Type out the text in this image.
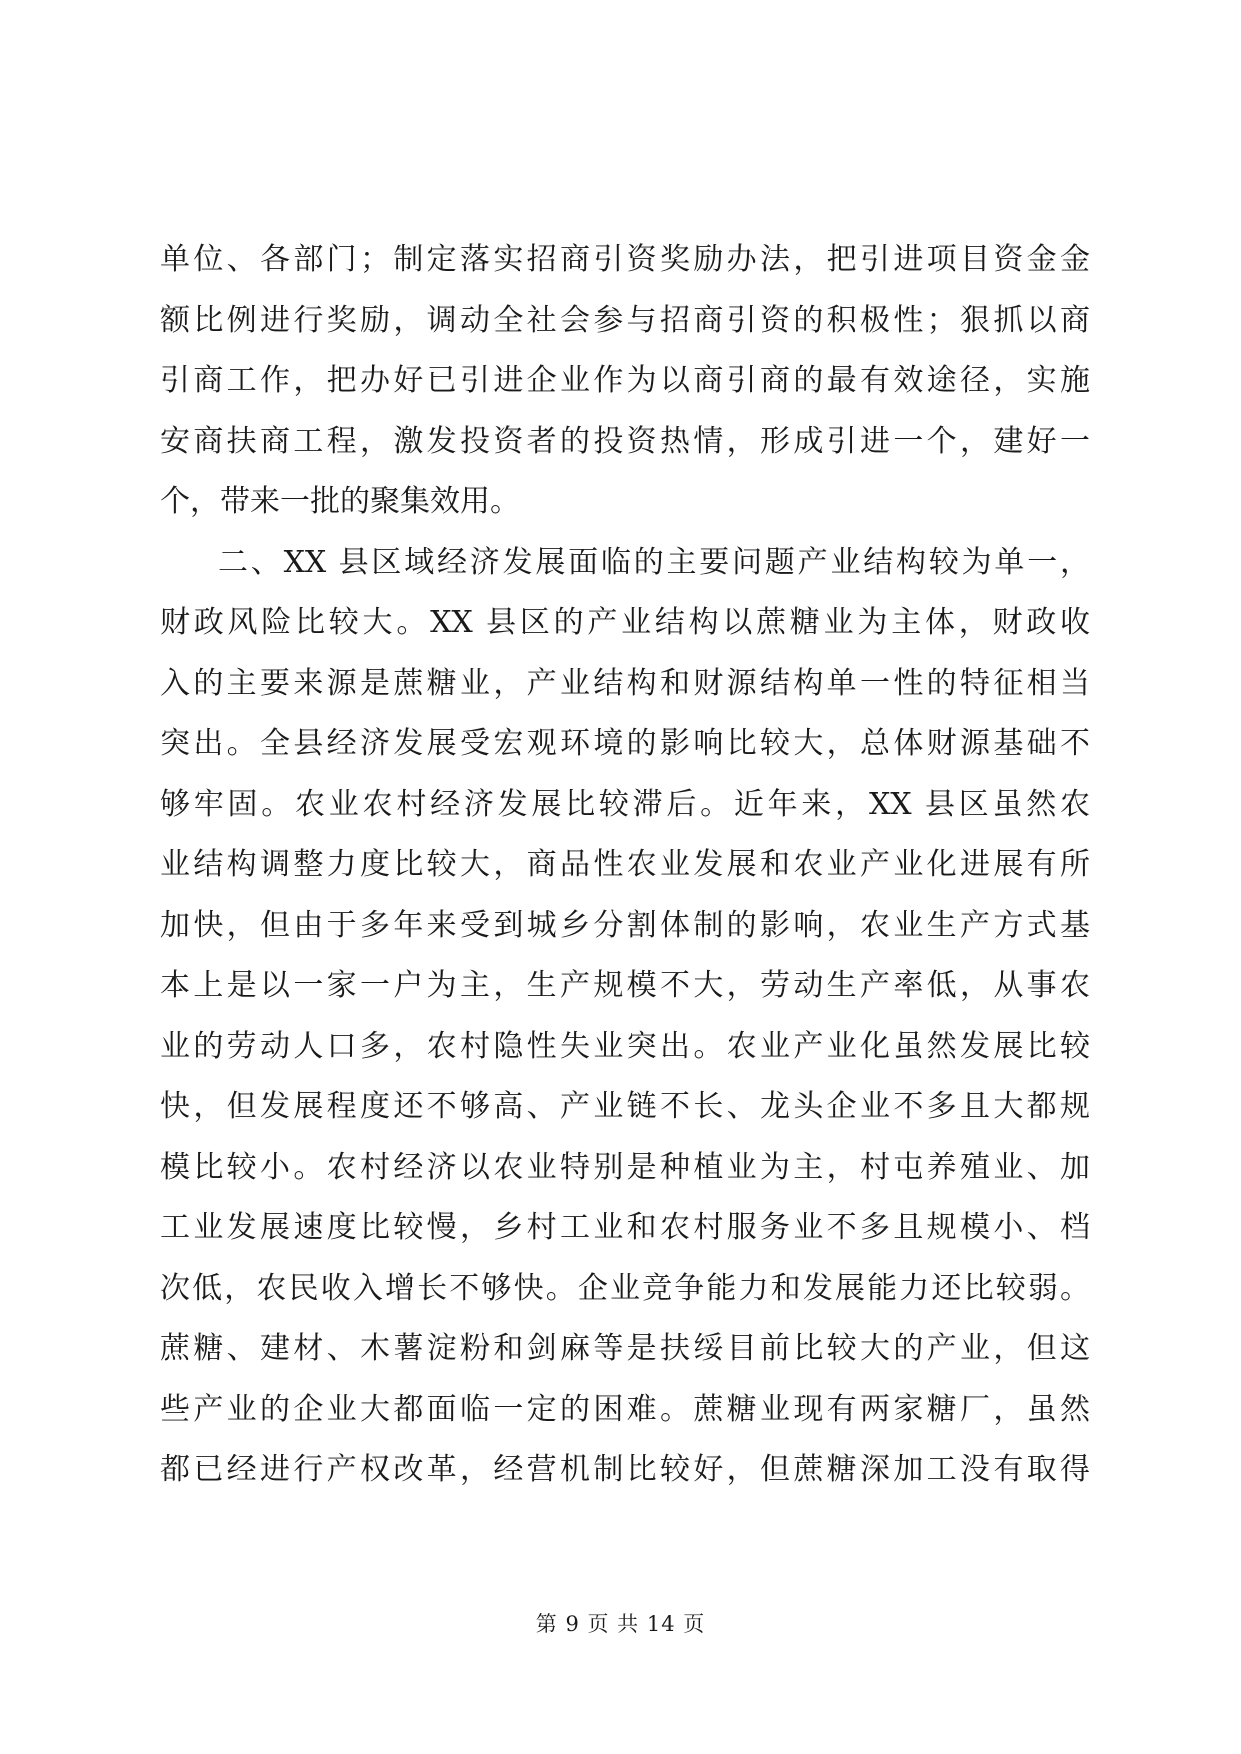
单位、各部门；制定落实招商引资奖励办法，把引进项目资金金
额比例进行奖励，调动全社会参与招商引资的积极性；狠抓以商
引商工作，把办好已引进企业作为以商引商的最有效途径，实施
安商扶商工程，激发投资者的投资热情，形成引进一个，建好一
个，带来一批的聚集效用。
二、XX 县区域经济发展面临的主要问题产业结构较为单一，
财政风险比较大。XX 县区的产业结构以蔗糖业为主体，财政收
入的主要来源是蔗糖业，产业结构和财源结构单一性的特征相当
突出。全县经济发展受宏观环境的影响比较大，总体财源基础不
够牢固。农业农村经济发展比较滞后。近年来，XX 县区虽然农
业结构调整力度比较大，商品性农业发展和农业产业化进展有所
加快，但由于多年来受到城乡分割体制的影响，农业生产方式基
本上是以一家一户为主，生产规模不大，劳动生产率低，从事农
业的劳动人口多，农村隐性失业突出。农业产业化虽然发展比较
快，但发展程度还不够高、产业链不长、龙头企业不多且大都规
模比较小。农村经济以农业特别是种植业为主，村屯养殖业、加
工业发展速度比较慢，乡村工业和农村服务业不多且规模小、档
次低，农民收入增长不够快。企业竞争能力和发展能力还比较弱。
蔗糖、建材、木薯淀粉和剑麻等是扶绥目前比较大的产业，但这
些产业的企业大都面临一定的困难。蔗糖业现有两家糖厂，虽然
都已经进行产权改革，经营机制比较好，但蔗糖深加工没有取得
第 9 页 共 14 页
